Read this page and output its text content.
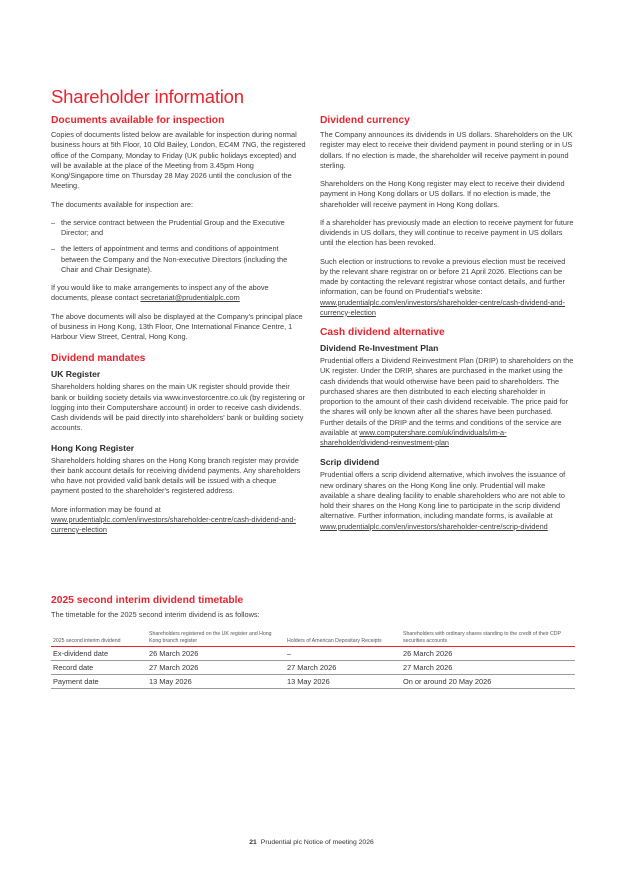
Shareholder information
Documents available for inspection

Copies of documents listed below are available for inspection during normal business hours at 5th Floor, 10 Old Bailey, London, EC4M 7NG, the registered office of the Company, Monday to Friday (UK public holidays excepted) and will be available at the place of the Meeting from 3.45pm Hong Kong/Singapore time on Thursday 28 May 2026 until the conclusion of the Meeting.

The documents available for inspection are:

– the service contract between the Prudential Group and the Executive Director; and
– the letters of appointment and terms and conditions of appointment between the Company and the Non-executive Directors (including the Chair and Chair Designate).

If you would like to make arrangements to inspect any of the above documents, please contact secretariat@prudentialplc.com

The above documents will also be displayed at the Company's principal place of business in Hong Kong, 13th Floor, One International Finance Centre, 1 Harbour View Street, Central, Hong Kong.

Dividend mandates
UK Register

Shareholders holding shares on the main UK register should provide their bank or building society details via www.investorcentre.co.uk (by registering or logging into their Computershare account) in order to receive cash dividends. Cash dividends will be paid directly into shareholders' bank or building society accounts.

Hong Kong Register

Shareholders holding shares on the Hong Kong branch register may provide their bank account details for receiving dividend payments. Any shareholders who have not provided valid bank details will be issued with a cheque payment posted to the shareholder's registered address.

More information may be found at www.prudentialplc.com/en/investors/shareholder-centre/cash-dividend-and-currency-election

Dividend currency

The Company announces its dividends in US dollars. Shareholders on the UK register may elect to receive their dividend payment in pound sterling or in US dollars. If no election is made, the shareholder will receive payment in pound sterling.

Shareholders on the Hong Kong register may elect to receive their dividend payment in Hong Kong dollars or US dollars. If no election is made, the shareholder will receive payment in Hong Kong dollars.

If a shareholder has previously made an election to receive payment for future dividends in US dollars, they will continue to receive payment in US dollars until the election has been revoked.

Such election or instructions to revoke a previous election must be received by the relevant share registrar on or before 21 April 2026. Elections can be made by contacting the relevant registrar whose contact details, and further information, can be found on Prudential's website: www.prudentialplc.com/en/investors/shareholder-centre/cash-dividend-and-currency-election

Cash dividend alternative
Dividend Re-Investment Plan

Prudential offers a Dividend Reinvestment Plan (DRIP) to shareholders on the UK register. Under the DRIP, shares are purchased in the market using the cash dividends that would otherwise have been paid to shareholders. The purchased shares are then distributed to each electing shareholder in proportion to the amount of their cash dividend receivable. The price paid for the shares will only be known after all the shares have been purchased. Further details of the DRIP and the terms and conditions of the service are available at www.computershare.com/uk/individuals/im-a-shareholder/dividend-reinvestment-plan

Scrip dividend

Prudential offers a scrip dividend alternative, which involves the issuance of new ordinary shares on the Hong Kong line only. Prudential will make available a share dealing facility to enable shareholders who are not able to hold their shares on the Hong Kong line to participate in the scrip dividend alternative. Further information, including mandate forms, is available at www.prudentialplc.com/en/investors/shareholder-centre/scrip-dividend

2025 second interim dividend timetable

The timetable for the 2025 second interim dividend is as follows:

2025 second interim dividend	Shareholders registered on the UK register and Hong Kong branch register	Holders of American Depositary Receipts	Shareholders with ordinary shares standing to the credit of their CDP securities accounts
Ex-dividend date	26 March 2026	–	26 March 2026
Record date	27 March 2026	27 March 2026	27 March 2026
Payment date	13 May 2026	13 May 2026	On or around 20 May 2026
21 Prudential plc Notice of meeting 2026
